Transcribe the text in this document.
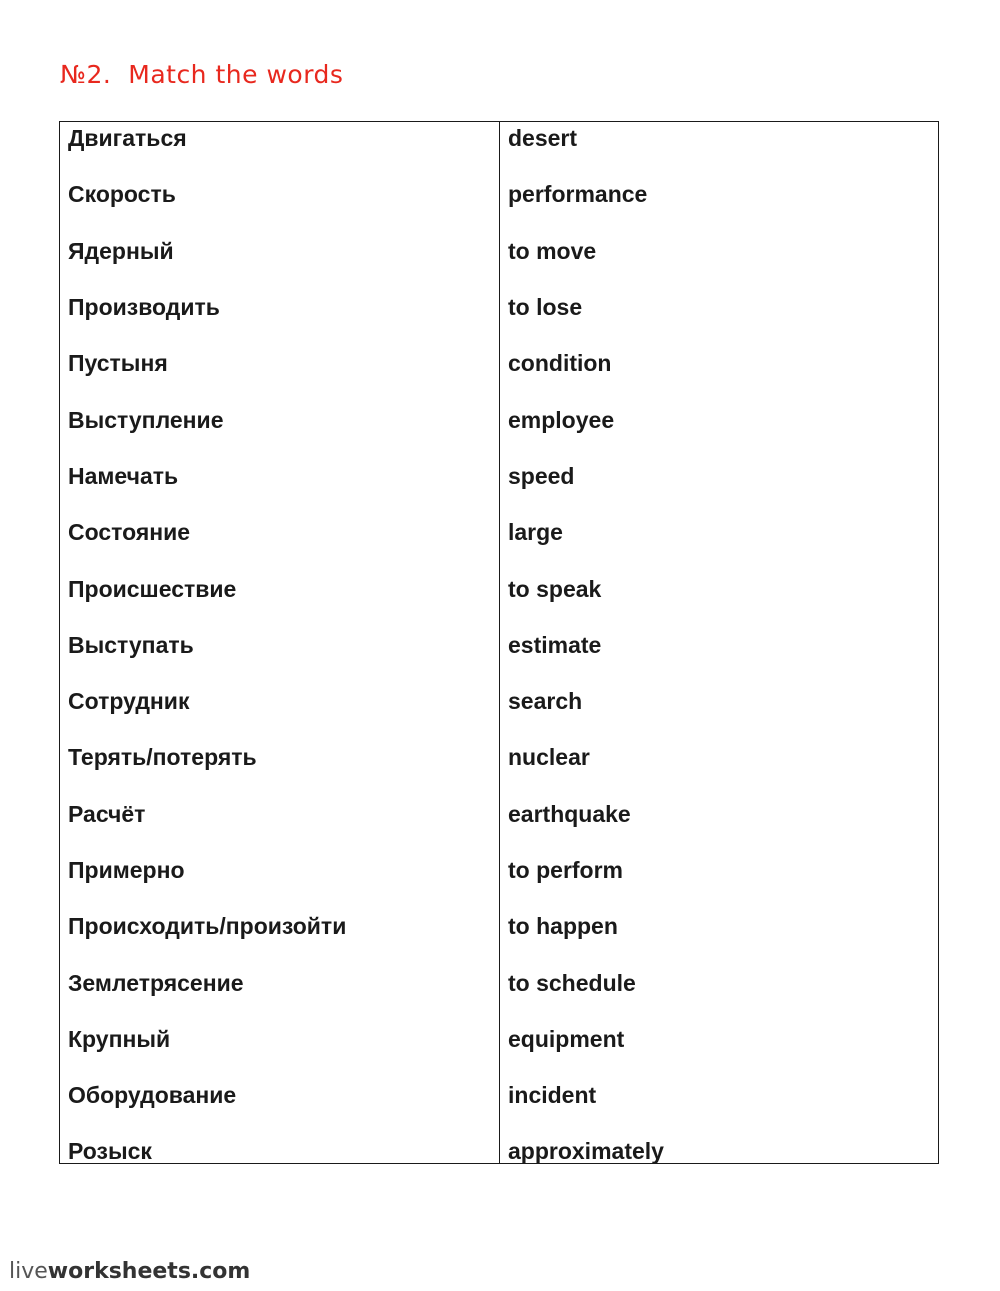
№2.  Match the words
Двигаться	desert
Скорость	performance
Ядерный	to move
Производить	to lose
Пустыня	condition
Выступление	employee
Намечать	speed
Состояние	large
Происшествие	to speak
Выступать	estimate
Сотрудник	search
Терять/потерять	nuclear
Расчёт	earthquake
Примерно	to perform
Происходить/произойти	to happen
Землетрясение	to schedule
Крупный	equipment
Оборудование	incident
Розыск	approximately
liveworksheets.com
